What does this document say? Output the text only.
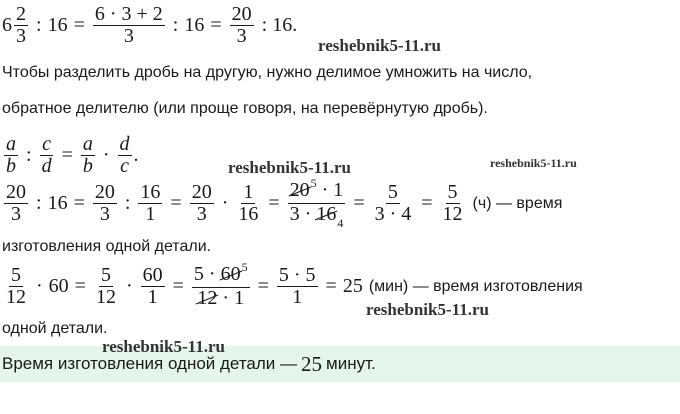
$6 \frac{2}{3}$ : $16 = \frac{6 \cdot 3 + 2}{3}$ : $16 = \frac{20}{3}$ : 16.
Чтобы разделить дробь на другую, нужно делимое умножить на число,
обратное делителю (или проще говоря, на перевёрнутую дробь).
$\frac{a}{b}$ : $\frac{c}{d} = \frac{a}{b} \cdot \frac{d}{c}$ .
$\frac{20}{3}$ : $16 = \frac{20}{3}$ : $\frac{16}{1} = \frac{20}{3} \cdot \frac{1}{16} = \frac{20^5 \cdot 1}{3 \cdot 16_4} = \frac{5}{3 \cdot 4} = \frac{5}{12} (ч)$ — время
изготовления одной детали.
$\frac{5}{12} \cdot 60 = \frac{5}{12} \cdot \frac{60}{1} = \frac{5 \cdot 60^5}{12 \cdot 1} = \frac{5 \cdot 5}{1} = 25$ (мин) — время изготовления
одной детали.
Время изготовления одной детали — 25 минут.
reshebnik5-11.ru
reshebnik5-11.ru	reshebnik5-11.ru
reshebnik5-11.ru
reshebnik5-11.ru
